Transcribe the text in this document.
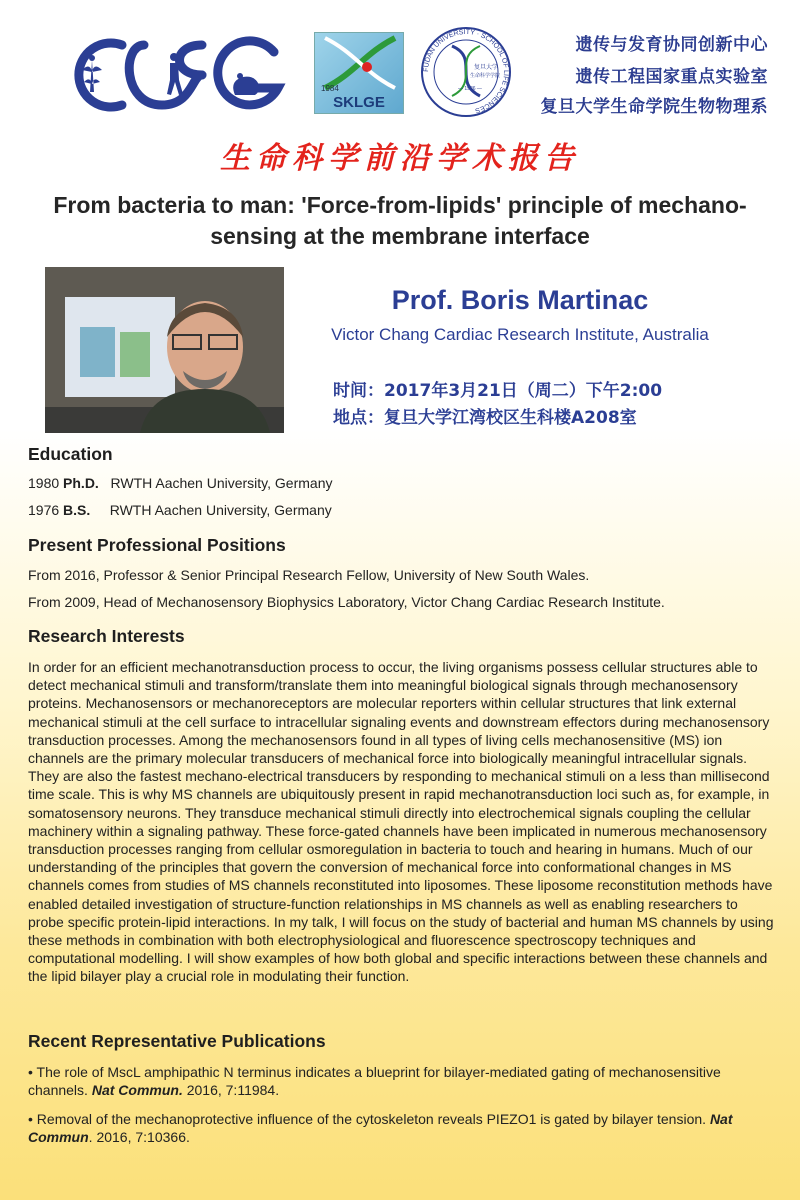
1984
SKLGE
FUDAN UNIVERSITY · SCHOOL OF LIFE SCIENCES
复旦大学
生命科学学院
— 1926 —
遗传与发育协同创新中心
遗传工程国家重点实验室
复旦大学生命学院生物物理系
生命科学前沿学术报告
From bacteria to man: 'Force-from-lipids' principle of mechano-sensing at the membrane interface
Prof. Boris Martinac
Victor Chang Cardiac Research Institute, Australia
时间：2017年3月21日（周二）下午2:00
地点：复旦大学江湾校区生科楼A208室
Education
1980 Ph.D. RWTH Aachen University, Germany
1976 B.S. RWTH Aachen University, Germany
Present Professional Positions
From 2016, Professor & Senior Principal Research Fellow, University of New South Wales.
From 2009, Head of Mechanosensory Biophysics Laboratory, Victor Chang Cardiac Research Institute.
Research Interests
In order for an efficient mechanotransduction process to occur, the living organisms possess cellular structures able to detect mechanical stimuli and transform/translate them into meaningful biological signals through mechanosensory proteins. Mechanosensors or mechanoreceptors are molecular reporters within cellular structures that link external mechanical stimuli at the cell surface to intracellular signaling events and downstream effectors during mechanosensory transduction processes. Among the mechanosensors found in all types of living cells mechanosensitive (MS) ion channels are the primary molecular transducers of mechanical force into biologically meaningful intracellular signals. They are also the fastest mechano-electrical transducers by responding to mechanical stimuli on a less than millisecond time scale. This is why MS channels are ubiquitously present in rapid mechanotransduction loci such as, for example, in somatosensory neurons. They transduce mechanical stimuli directly into electrochemical signals coupling the cellular machinery within a signaling pathway. These force-gated channels have been implicated in numerous mechanosensory transduction processes ranging from cellular osmoregulation in bacteria to touch and hearing in humans. Much of our understanding of the principles that govern the conversion of mechanical force into conformational changes in MS channels comes from studies of MS channels reconstituted into liposomes. These liposome reconstitution methods have enabled detailed investigation of structure-function relationships in MS channels as well as enabling researchers to probe specific protein-lipid interactions. In my talk, I will focus on the study of bacterial and human MS channels by using these methods in combination with both electrophysiological and fluorescence spectroscopy techniques and computational modelling. I will show examples of how both global and specific interactions between these channels and the lipid bilayer play a crucial role in modulating their function.
Recent Representative Publications
• The role of MscL amphipathic N terminus indicates a blueprint for bilayer-mediated gating of mechanosensitive channels. Nat Commun. 2016, 7:11984.
• Removal of the mechanoprotective influence of the cytoskeleton reveals PIEZO1 is gated by bilayer tension. Nat Commun. 2016, 7:10366.
